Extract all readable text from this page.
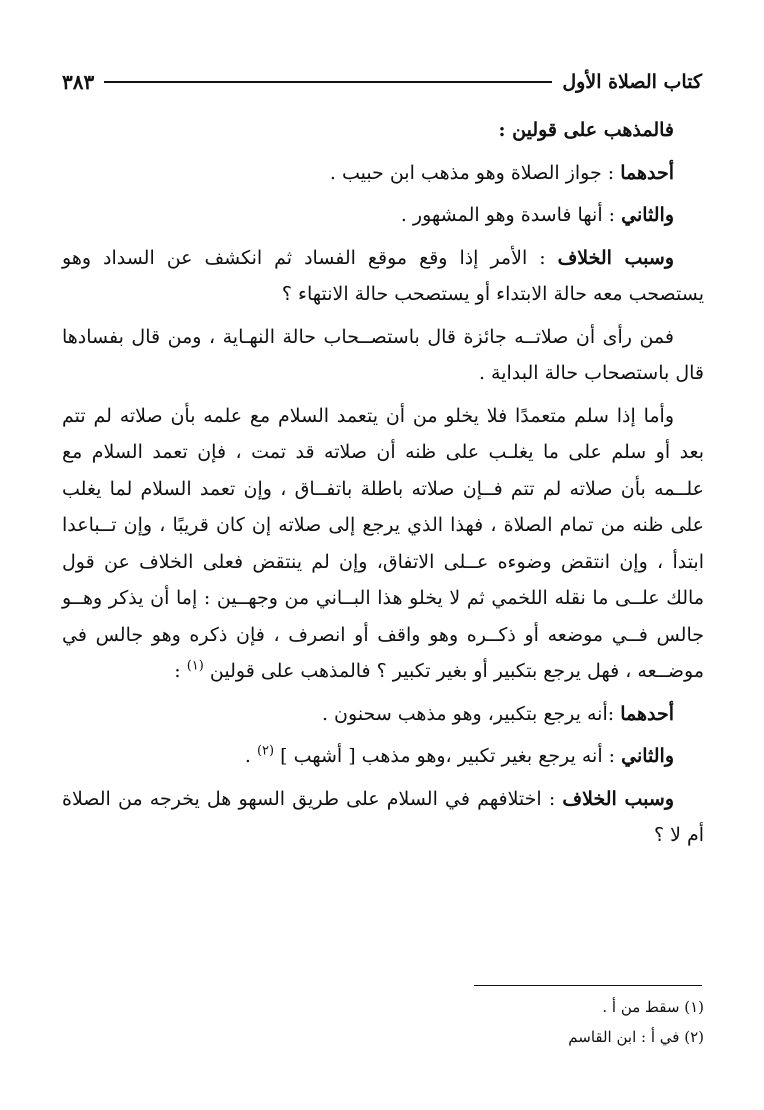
كتاب الصلاة الأول
٣٨٣

فالمذهب على قولين :

أحدهما : جواز الصلاة وهو مذهب ابن حبيب .

والثاني : أنها فاسدة وهو المشهور .

وسبب الخلاف : الأمر إذا وقع موقع الفساد ثم انكشف عن السداد وهو يستصحب معه حالة الابتداء أو يستصحب حالة الانتهاء ؟

فمن رأى أن صلاتــه جائزة قال باستصــحاب حالة النهـاية ، ومن قال بفسادها قال باستصحاب حالة البداية .

وأما إذا سلم متعمدًا فلا يخلو من أن يتعمد السلام مع علمه بأن صلاته لم تتم بعد أو سلم على ما يغلـب على ظنه أن صلاته قد تمت ، فإن تعمد السلام مع علــمه بأن صلاته لم تتم فــإن صلاته باطلة باتفــاق ، وإن تعمد السلام لما يغلب على ظنه من تمام الصلاة ، فهذا الذي يرجع إلى صلاته إن كان قريبًا ، وإن تــباعدا ابتدأ ، وإن انتقض وضوءه عــلى الاتفاق، وإن لم ينتقض فعلى الخلاف عن قول مالك علــى ما نقله اللخمي ثم لا يخلو هذا البــاني من وجهــين : إما أن يذكر وهــو جالس فــي موضعه أو ذكــره وهو واقف أو انصرف ، فإن ذكره وهو جالس في موضــعه ، فهل يرجع بتكبير أو بغير تكبير ؟ فالمذهب على قولين $^{(١)}$ :

أحدهما :أنه يرجع بتكبير، وهو مذهب سحنون .

والثاني : أنه يرجع بغير تكبير ،وهو مذهب [ أشهب ] $^{(٢)}$ .

وسبب الخلاف : اختلافهم في السلام على طريق السهو هل يخرجه من الصلاة أم لا ؟

(١) سقط من أ .
(٢) في أ : ابن القاسم
